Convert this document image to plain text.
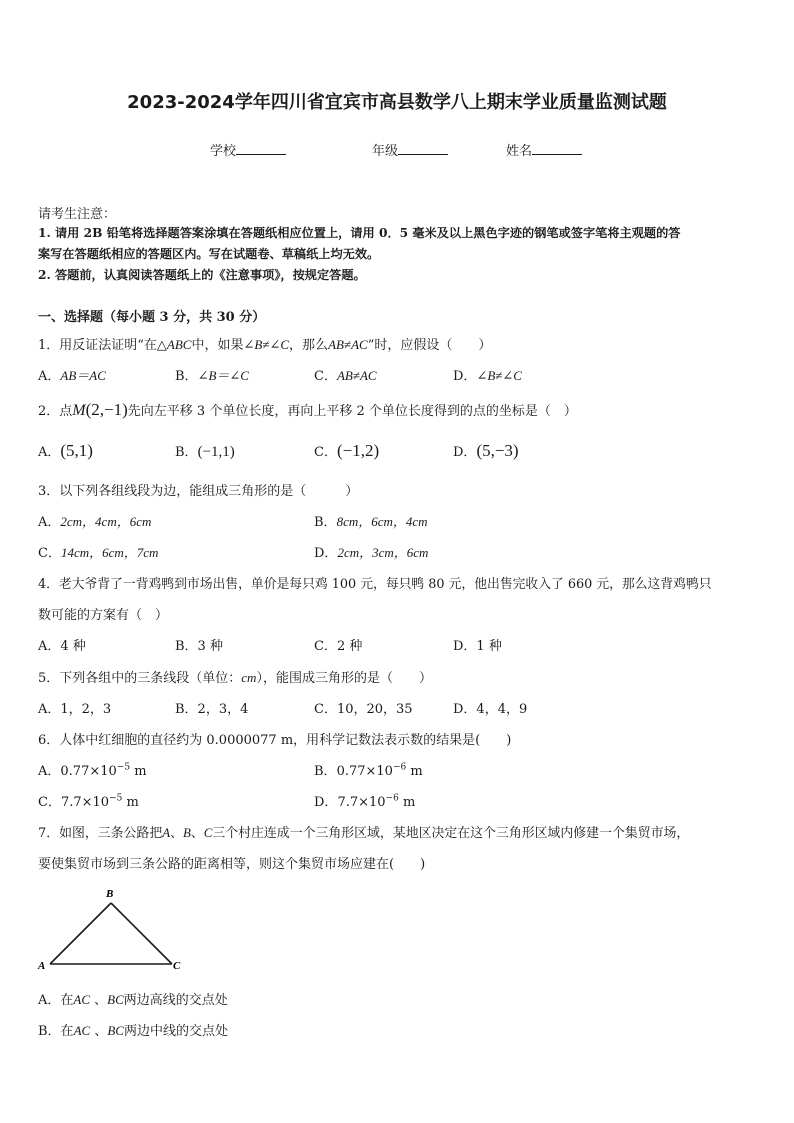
2023-2024学年四川省宜宾市高县数学八上期末学业质量监测试题
学校	年级	姓名
请考生注意：
1. 请用 2B 铅笔将选择题答案涂填在答题纸相应位置上，请用 0．5 毫米及以上黑色字迹的钢笔或签字笔将主观题的答
案写在答题纸相应的答题区内。写在试题卷、草稿纸上均无效。
2. 答题前，认真阅读答题纸上的《注意事项》，按规定答题。
一、选择题（每小题 3 分，共 30 分）
1．用反证法证明“在△ABC中，如果∠B≠∠C，那么AB≠AC”时，应假设（　　）
A．AB＝AC	B．∠B＝∠C	C．AB≠AC	D．∠B≠∠C
2．点M(2,−1)先向左平移 3 个单位长度，再向上平移 2 个单位长度得到的点的坐标是（　）
A．(5,1)	B．(−1,1)	C．(−1,2)	D．(5,−3)
3．以下列各组线段为边，能组成三角形的是（　　　）
A．2cm，4cm，6cm	B．8cm，6cm，4cm
C．14cm，6cm，7cm	D．2cm，3cm，6cm
4．老大爷背了一背鸡鸭到市场出售，单价是每只鸡 100 元，每只鸭 80 元，他出售完收入了 660 元，那么这背鸡鸭只
数可能的方案有（　）
A．4 种	B．3 种	C．2 种	D．1 种
5．下列各组中的三条线段（单位：cm），能围成三角形的是（　　）
A．1，2，3	B．2，3，4	C．10，20，35	D．4，4，9
6．人体中红细胞的直径约为 0.0000077 m，用科学记数法表示数的结果是(　　)
A．$0.77\times 10^{-5}$ m	B．$0.77\times 10^{-6}$ m
C．$7.7\times 10^{-5}$ m	D．$7.7\times 10^{-6}$ m
7．如图，三条公路把A、B、C三个村庄连成一个三角形区域，某地区决定在这个三角形区域内修建一个集贸市场，
要使集贸市场到三条公路的距离相等，则这个集贸市场应建在(　　)
B
A	C
A．在AC 、BC两边高线的交点处
B．在AC 、BC两边中线的交点处
